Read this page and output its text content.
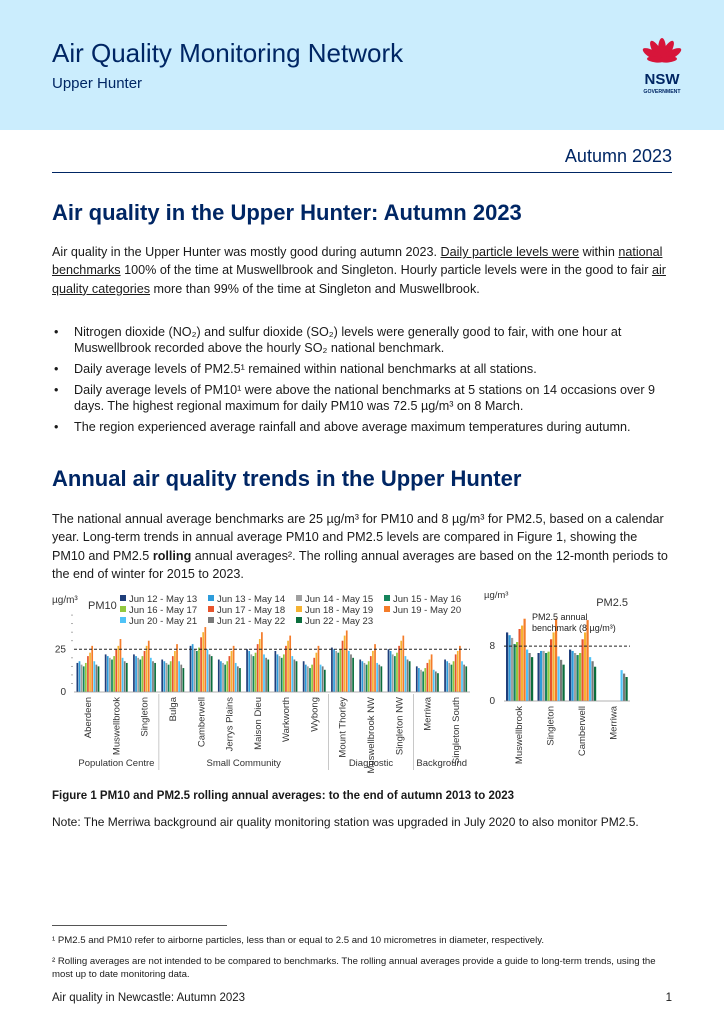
Air Quality Monitoring Network
Upper Hunter	NSW
GOVERNMENT
Autumn 2023
Air quality in the Upper Hunter: Autumn 2023

Air quality in the Upper Hunter was mostly good during autumn 2023. Daily particle levels were within national benchmarks 100% of the time at Muswellbrook and Singleton. Hourly particle levels were in the good to fair air quality categories more than 99% of the time at Singleton and Muswellbrook.

• Nitrogen dioxide (NO₂) and sulfur dioxide (SO₂) levels were generally good to fair, with one hour at Muswellbrook recorded above the hourly SO₂ national benchmark.
• Daily average levels of PM2.5¹ remained within national benchmarks at all stations.
• Daily average levels of PM10¹ were above the national benchmarks at 5 stations on 14 occasions over 9 days. The highest regional maximum for daily PM10 was 72.5 µg/m³ on 8 March.
• The region experienced average rainfall and above average maximum temperatures during autumn.
Annual air quality trends in the Upper Hunter

The national annual average benchmarks are 25 µg/m³ for PM10 and 8 µg/m³ for PM2.5, based on a calendar year. Long-term trends in annual average PM10 and PM2.5 levels are compared in Figure 1, showing the PM10 and PM2.5 rolling annual averages². The rolling annual averages are based on the 12-month periods to the end of winter for 2015 to 2023.

µg/m³ PM10
0
25
Aberdeen Muswellbrook Singleton Bulga Camberwell Jerrys Plains Maison Dieu Warkworth Wybong Mount Thorley Muswellbrook NW Singleton NW Merriwa Singleton South
Population Centre	Small Community	Diagnostic Background
Jun 12 - May 13 Jun 13 - May 14 Jun 14 - May 15 Jun 15 - May 16
Jun 16 - May 17 Jun 17 - May 18 Jun 18 - May 19 Jun 19 - May 20
Jun 20 - May 21 Jun 21 - May 22 Jun 22 - May 23
µg/m³
PM2.5
0
8
PM2.5 annual benchmark (8 µg/m³)
Muswellbrook Singleton Camberwell Merriwa
Figure 1 PM10 and PM2.5 rolling annual averages: to the end of autumn 2013 to 2023
Note: The Merriwa background air quality monitoring station was upgraded in July 2020 to also monitor PM2.5.
¹ PM2.5 and PM10 refer to airborne particles, less than or equal to 2.5 and 10 micrometres in diameter, respectively.
² Rolling averages are not intended to be compared to benchmarks. The rolling annual averages provide a guide to long-term trends, using the most up to date monitoring data.
Air quality in Newcastle: Autumn 2023	1
